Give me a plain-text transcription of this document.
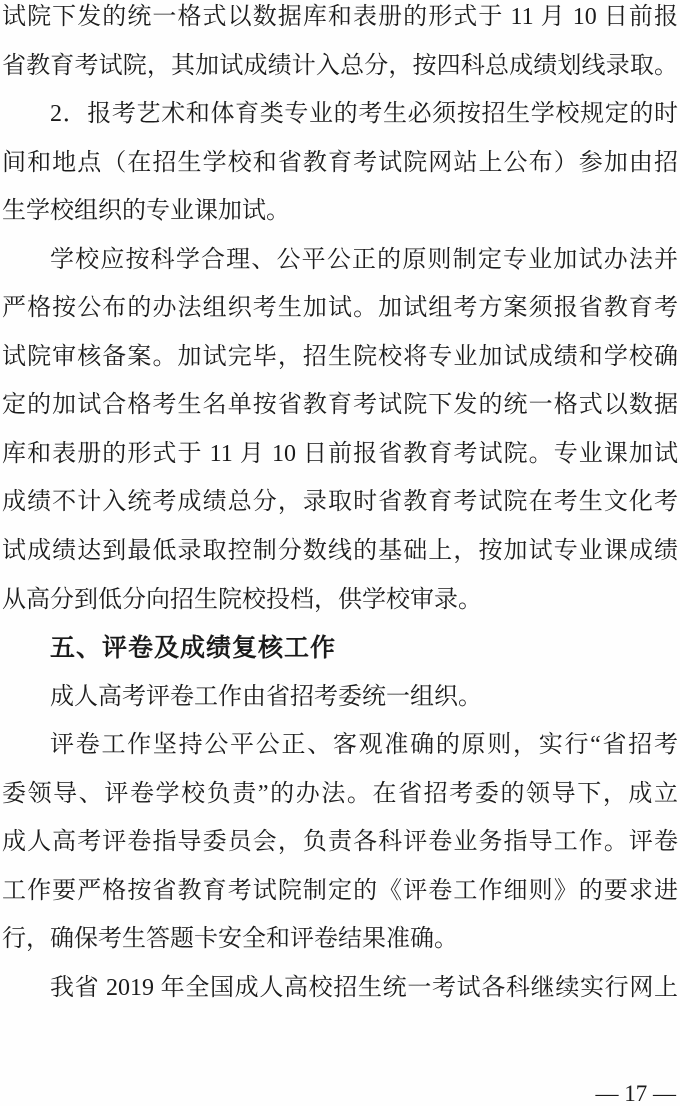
试院下发的统一格式以数据库和表册的形式于 11 月 10 日前报
省教育考试院，其加试成绩计入总分，按四科总成绩划线录取。
2．报考艺术和体育类专业的考生必须按招生学校规定的时
间和地点（在招生学校和省教育考试院网站上公布）参加由招
生学校组织的专业课加试。
学校应按科学合理、公平公正的原则制定专业加试办法并
严格按公布的办法组织考生加试。加试组考方案须报省教育考
试院审核备案。加试完毕，招生院校将专业加试成绩和学校确
定的加试合格考生名单按省教育考试院下发的统一格式以数据
库和表册的形式于 11 月 10 日前报省教育考试院。专业课加试
成绩不计入统考成绩总分，录取时省教育考试院在考生文化考
试成绩达到最低录取控制分数线的基础上，按加试专业课成绩
从高分到低分向招生院校投档，供学校审录。
五、评卷及成绩复核工作
成人高考评卷工作由省招考委统一组织。
评卷工作坚持公平公正、客观准确的原则，实行“省招考
委领导、评卷学校负责”的办法。在省招考委的领导下，成立
成人高考评卷指导委员会，负责各科评卷业务指导工作。评卷
工作要严格按省教育考试院制定的《评卷工作细则》的要求进
行，确保考生答题卡安全和评卷结果准确。
我省 2019 年全国成人高校招生统一考试各科继续实行网上
— 17 —
